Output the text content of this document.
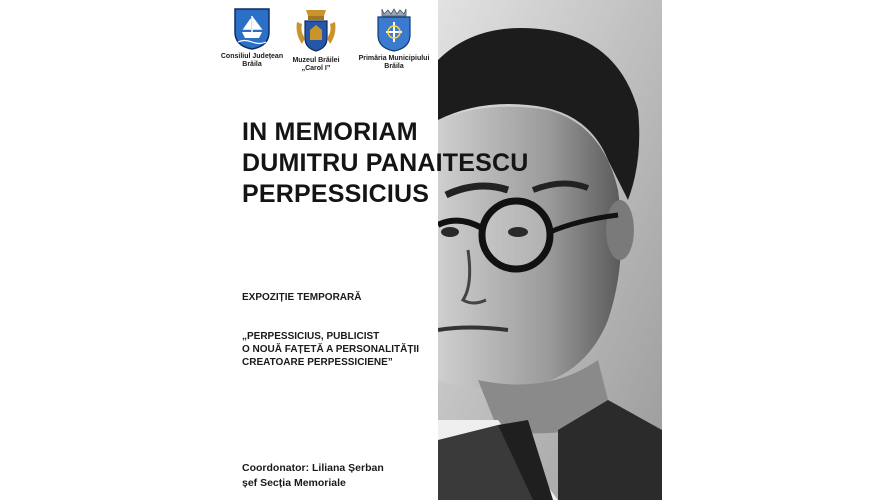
Consiliul Județean
Brăila
Muzeul Brăilei
„Carol I”
Primăria Municipiului
Brăila
IN MEMORIAM
DUMITRU PANAITESCU
PERPESSICIUS
EXPOZIȚIE TEMPORARĂ
„PERPESSICIUS, PUBLICIST
O NOUĂ FAȚETĂ A PERSONALITĂȚII
CREATOARE PERPESSICIENE”
Coordonator: Liliana Șerban
șef Secția Memoriale
